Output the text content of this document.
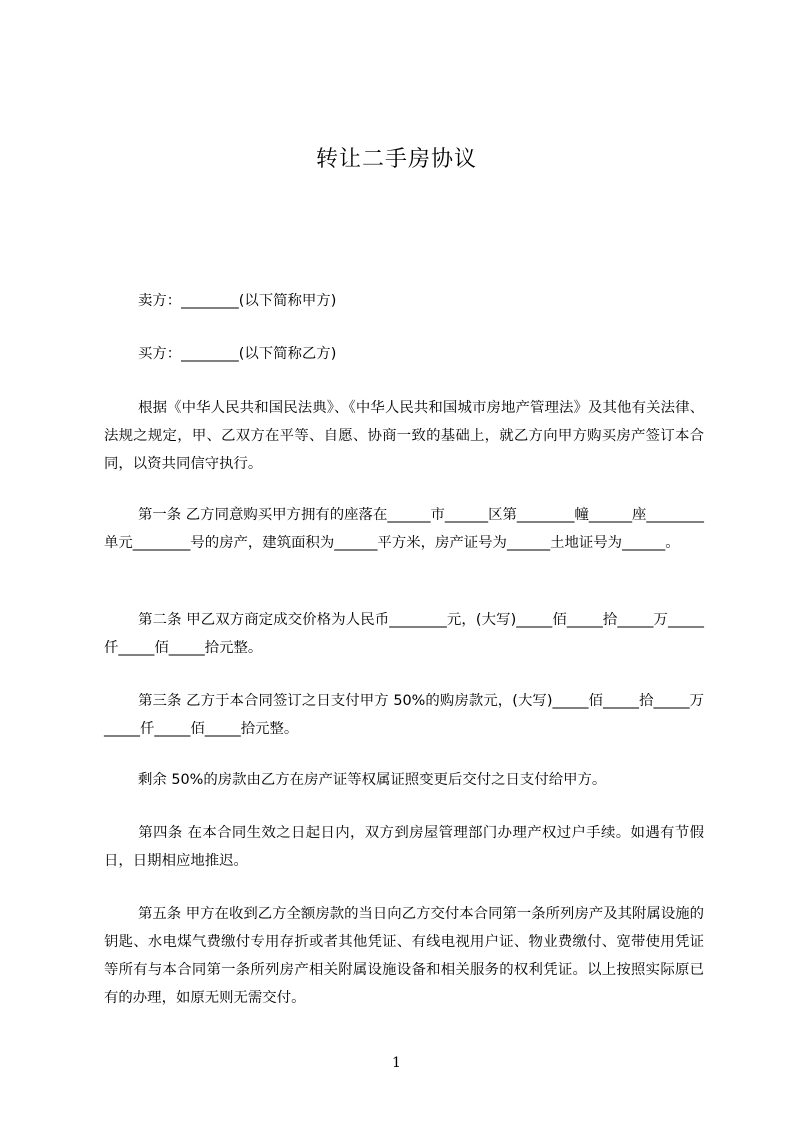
转让二手房协议
卖方：________(以下简称甲方)
买方：________(以下简称乙方)
根据《中华人民共和国民法典》、《中华人民共和国城市房地产管理法》及其他有关法律、法规之规定，甲、乙双方在平等、自愿、协商一致的基础上，就乙方向甲方购买房产签订本合同，以资共同信守执行。
第一条 乙方同意购买甲方拥有的座落在______市______区第________幢______座________单元________号的房产，建筑面积为______平方米，房产证号为______土地证号为______。
第二条 甲乙双方商定成交价格为人民币________元，(大写)_____佰_____拾_____万_____仟_____佰_____拾元整。
第三条 乙方于本合同签订之日支付甲方 50%的购房款元，(大写)_____佰_____拾_____万_____仟_____佰_____拾元整。
剩余 50%的房款由乙方在房产证等权属证照变更后交付之日支付给甲方。
第四条 在本合同生效之日起日内，双方到房屋管理部门办理产权过户手续。如遇有节假日，日期相应地推迟。
第五条 甲方在收到乙方全额房款的当日向乙方交付本合同第一条所列房产及其附属设施的钥匙、水电煤气费缴付专用存折或者其他凭证、有线电视用户证、物业费缴付、宽带使用凭证等所有与本合同第一条所列房产相关附属设施设备和相关服务的权利凭证。以上按照实际原已有的办理，如原无则无需交付。
1
